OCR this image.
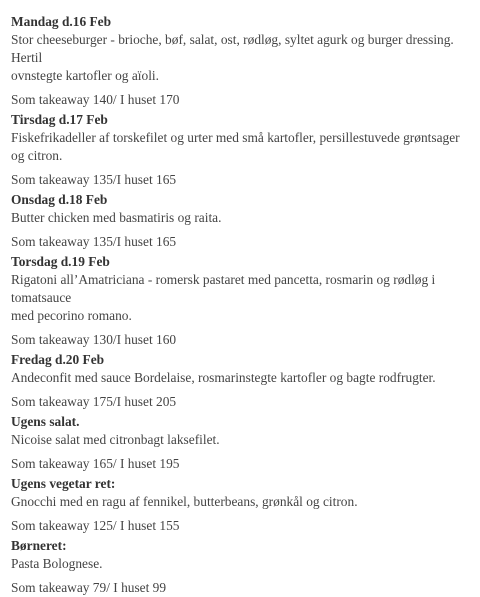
Mandag d.16 Feb

Stor cheeseburger - brioche, bøf, salat, ost, rødløg, syltet agurk og burger dressing. Hertil

ovnstegte kartofler og aïoli.

Som takeaway 140/ I huset 170

Tirsdag d.17 Feb

Fiskefrikadeller af torskefilet og urter med små kartofler, persillestuvede grøntsager og citron.

Som takeaway 135/I huset 165

Onsdag d.18 Feb

Butter chicken med basmatiris og raita.

Som takeaway 135/I huset 165

Torsdag d.19 Feb

Rigatoni all’Amatriciana - romersk pastaret med pancetta, rosmarin og rødløg i tomatsauce

med pecorino romano.

Som takeaway 130/I huset 160

Fredag d.20 Feb

Andeconfit med sauce Bordelaise, rosmarinstegte kartofler og bagte rodfrugter.

Som takeaway 175/I huset 205

Ugens salat.

Nicoise salat med citronbagt laksefilet.

Som takeaway 165/ I huset 195

Ugens vegetar ret:

Gnocchi med en ragu af fennikel, butterbeans, grønkål og citron.

Som takeaway 125/ I huset 155

Børneret:

Pasta Bolognese.

Som takeaway 79/ I huset 99
